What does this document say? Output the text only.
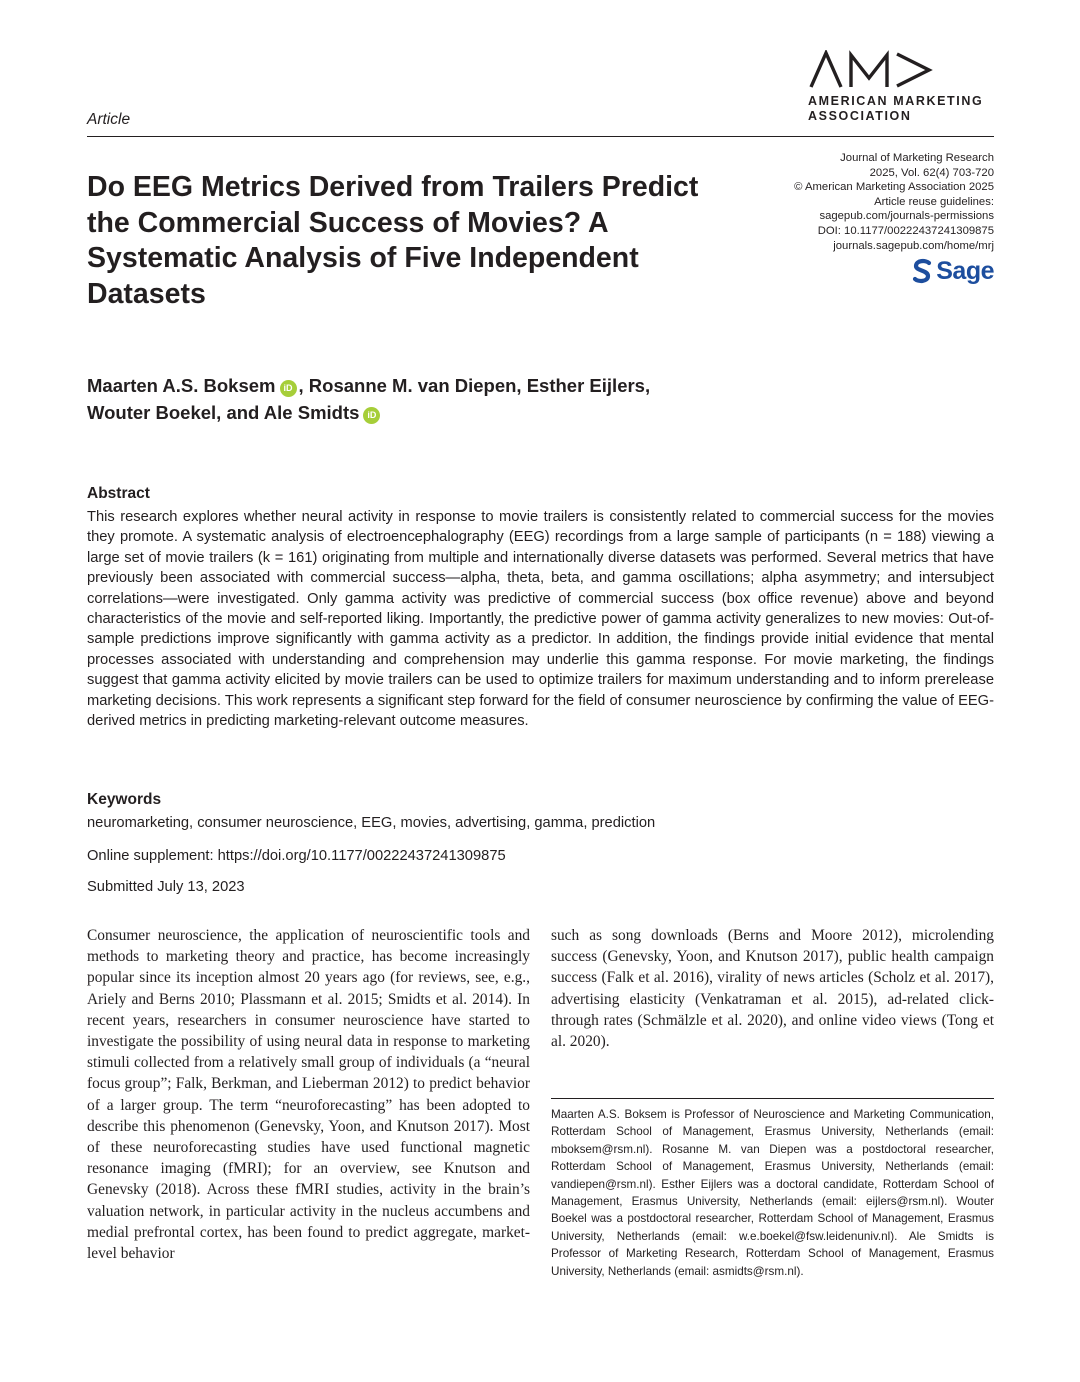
Article
AMERICAN MARKETING
ASSOCIATION
Journal of Marketing Research
2025, Vol. 62(4) 703-720
© American Marketing Association 2025
Article reuse guidelines:
sagepub.com/journals-permissions
DOI: 10.1177/00222437241309875
journals.sagepub.com/home/mrj
Sage
Do EEG Metrics Derived from Trailers Predict the Commercial Success of Movies? A Systematic Analysis of Five Independent Datasets
Maarten A.S. Boksem iD , Rosanne M. van Diepen, Esther Eijlers,
Wouter Boekel, and Ale Smidts iD
Abstract

This research explores whether neural activity in response to movie trailers is consistently related to commercial success for the movies they promote. A systematic analysis of electroencephalography (EEG) recordings from a large sample of participants (n = 188) viewing a large set of movie trailers (k = 161) originating from multiple and internationally diverse datasets was performed. Several metrics that have previously been associated with commercial success—alpha, theta, beta, and gamma oscillations; alpha asymmetry; and intersubject correlations—were investigated. Only gamma activity was predictive of commercial success (box office revenue) above and beyond characteristics of the movie and self-reported liking. Importantly, the predictive power of gamma activity generalizes to new movies: Out-of-sample predictions improve significantly with gamma activity as a predictor. In addition, the findings provide initial evidence that mental processes associated with understanding and comprehension may underlie this gamma response. For movie marketing, the findings suggest that gamma activity elicited by movie trailers can be used to optimize trailers for maximum understanding and to inform prerelease marketing decisions. This work represents a significant step forward for the field of consumer neuroscience by confirming the value of EEG-derived metrics in predicting marketing-relevant outcome measures.

Keywords
neuromarketing, consumer neuroscience, EEG, movies, advertising, gamma, prediction
Online supplement: https://doi.org/10.1177/00222437241309875
Submitted July 13, 2023

Consumer neuroscience, the application of neuroscientific tools and methods to marketing theory and practice, has become increasingly popular since its inception almost 20 years ago (for reviews, see, e.g., Ariely and Berns 2010; Plassmann et al. 2015; Smidts et al. 2014). In recent years, researchers in consumer neuroscience have started to investigate the possibility of using neural data in response to marketing stimuli collected from a relatively small group of individuals (a “neural focus group”; Falk, Berkman, and Lieberman 2012) to predict behavior of a larger group. The term “neuroforecasting” has been adopted to describe this phenomenon (Genevsky, Yoon, and Knutson 2017). Most of these neuroforecasting studies have used functional magnetic resonance imaging (fMRI); for an overview, see Knutson and Genevsky (2018). Across these fMRI studies, activity in the brain’s valuation network, in particular activity in the nucleus accumbens and medial prefrontal cortex, has been found to predict aggregate, market-level behavior

such as song downloads (Berns and Moore 2012), microlending success (Genevsky, Yoon, and Knutson 2017), public health campaign success (Falk et al. 2016), virality of news articles (Scholz et al. 2017), advertising elasticity (Venkatraman et al. 2015), ad-related click-through rates (Schmälzle et al. 2020), and online video views (Tong et al. 2020).

Maarten A.S. Boksem is Professor of Neuroscience and Marketing Communication, Rotterdam School of Management, Erasmus University, Netherlands (email: mboksem@rsm.nl). Rosanne M. van Diepen was a postdoctoral researcher, Rotterdam School of Management, Erasmus University, Netherlands (email: vandiepen@rsm.nl). Esther Eijlers was a doctoral candidate, Rotterdam School of Management, Erasmus University, Netherlands (email: eijlers@rsm.nl). Wouter Boekel was a postdoctoral researcher, Rotterdam School of Management, Erasmus University, Netherlands (email: w.e.boekel@fsw.leidenuniv.nl). Ale Smidts is Professor of Marketing Research, Rotterdam School of Management, Erasmus University, Netherlands (email: asmidts@rsm.nl).
